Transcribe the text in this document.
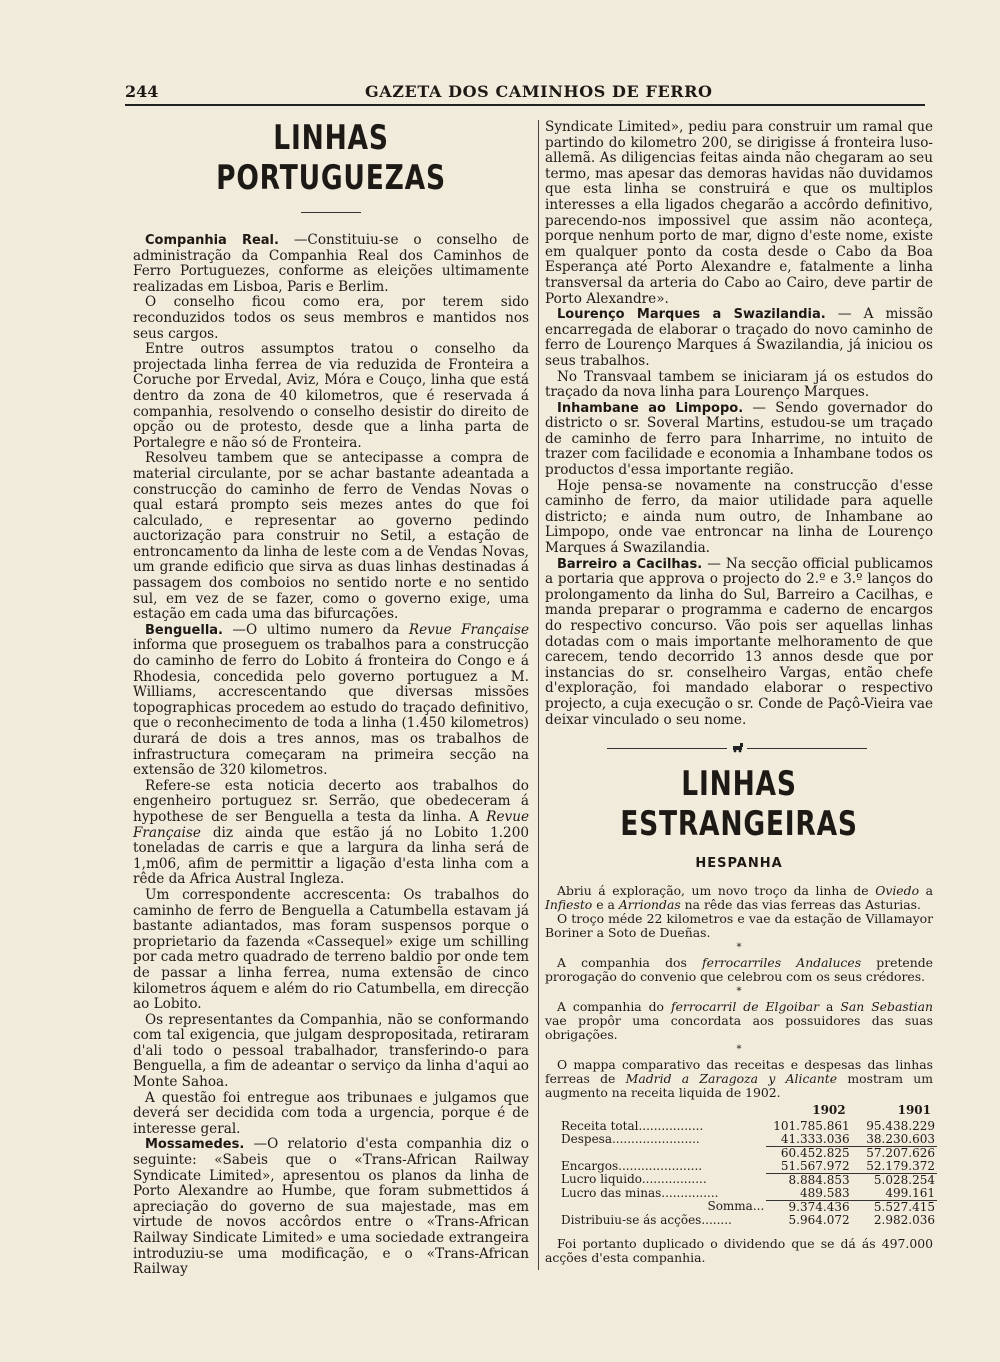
244	GAZETA DOS CAMINHOS DE FERRO
LINHAS PORTUGUEZAS

Companhia Real. —Constituiu-se o conselho de administração da Companhia Real dos Caminhos de Ferro Portuguezes, conforme as eleições ultimamente realizadas em Lisboa, Paris e Berlim.

O conselho ficou como era, por terem sido reconduzidos todos os seus membros e mantidos nos seus cargos.

Entre outros assumptos tratou o conselho da projectada linha ferrea de via reduzida de Fronteira a Coruche por Ervedal, Aviz, Móra e Couço, linha que está dentro da zona de 40 kilometros, que é reservada á companhia, resolvendo o conselho desistir do direito de opção ou de protesto, desde que a linha parta de Portalegre e não só de Fronteira.

Resolveu tambem que se antecipasse a compra de material circulante, por se achar bastante adeantada a construcção do caminho de ferro de Vendas Novas o qual estará prompto seis mezes antes do que foi calculado, e representar ao governo pedindo auctorização para construir no Setil, a estação de entroncamento da linha de leste com a de Vendas Novas, um grande edificio que sirva as duas linhas destinadas á passagem dos comboios no sentido norte e no sentido sul, em vez de se fazer, como o governo exige, uma estação em cada uma das bifurcações.

Benguella. —O ultimo numero da Revue Française informa que proseguem os trabalhos para a construcção do caminho de ferro do Lobito á fronteira do Congo e á Rhodesia, concedida pelo governo portuguez a M. Williams, accrescentando que diversas missões topographicas procedem ao estudo do traçado definitivo, que o reconhecimento de toda a linha (1.450 kilometros) durará de dois a tres annos, mas os trabalhos de infrastructura começaram na primeira secção na extensão de 320 kilometros.

Refere-se esta noticia decerto aos trabalhos do engenheiro portuguez sr. Serrão, que obedeceram á hypothese de ser Benguella a testa da linha. A Revue Française diz ainda que estão já no Lobito 1.200 toneladas de carris e que a largura da linha será de 1,m06, afim de permittir a ligação d'esta linha com a rêde da Africa Austral Ingleza.

Um correspondente accrescenta: Os trabalhos do caminho de ferro de Benguella a Catumbella estavam já bastante adiantados, mas foram suspensos porque o proprietario da fazenda «Cassequel» exige um schilling por cada metro quadrado de terreno baldio por onde tem de passar a linha ferrea, numa extensão de cinco kilometros áquem e além do rio Catumbella, em direcção ao Lobito.

Os representantes da Companhia, não se conformando com tal exigencia, que julgam despropositada, retiraram d'ali todo o pessoal trabalhador, transferindo-o para Benguella, a fim de adeantar o serviço da linha d'aqui ao Monte Sahoa.

A questão foi entregue aos tribunaes e julgamos que deverá ser decidida com toda a urgencia, porque é de interesse geral.

Mossamedes. —O relatorio d'esta companhia diz o seguinte: «Sabeis que o «Trans-African Railway Syndicate Limited», apresentou os planos da linha de Porto Alexandre ao Humbe, que foram submettidos á apreciação do governo de sua majestade, mas em virtude de novos accôrdos entre o «Trans-African Railway Sindicate Limited» e uma sociedade extrangeira introduziu-se uma modificação, e o «Trans-African Railway

Syndicate Limited», pediu para construir um ramal que partindo do kilometro 200, se dirigisse á fronteira luso-allemã. As diligencias feitas ainda não chegaram ao seu termo, mas apesar das demoras havidas não duvidamos que esta linha se construirá e que os multiplos interesses a ella ligados chegarão a accôrdo definitivo, parecendo-nos impossivel que assim não aconteça, porque nenhum porto de mar, digno d'este nome, existe em qualquer ponto da costa desde o Cabo da Boa Esperança até Porto Alexandre e, fatalmente a linha transversal da arteria do Cabo ao Cairo, deve partir de Porto Alexandre».

Lourenço Marques a Swazilandia. — A missão encarregada de elaborar o traçado do novo caminho de ferro de Lourenço Marques á Swazilandia, já iniciou os seus trabalhos.

No Transvaal tambem se iniciaram já os estudos do traçado da nova linha para Lourenço Marques.

Inhambane ao Limpopo. — Sendo governador do districto o sr. Soveral Martins, estudou-se um traçado de caminho de ferro para Inharrime, no intuito de trazer com facilidade e economia a Inhambane todos os productos d'essa importante região.

Hoje pensa-se novamente na construcção d'esse caminho de ferro, da maior utilidade para aquelle districto; e ainda num outro, de Inhambane ao Limpopo, onde vae entroncar na linha de Lourenço Marques á Swazilandia.

Barreiro a Cacilhas. — Na secção official publicamos a portaria que approva o projecto do 2.º e 3.º lanços do prolongamento da linha do Sul, Barreiro a Cacilhas, e manda preparar o programma e caderno de encargos do respectivo concurso. Vão pois ser aquellas linhas dotadas com o mais importante melhoramento de que carecem, tendo decorrido 13 annos desde que por instancias do sr. conselheiro Vargas, então chefe d'exploração, foi mandado elaborar o respectivo projecto, a cuja execução o sr. Conde de Paçô-Vieira vae deixar vinculado o seu nome.

LINHAS ESTRANGEIRAS
HESPANHA

Abriu á exploração, um novo troço da linha de Oviedo a Infiesto e a Arriondas na rêde das vias ferreas das Asturias.

O troço méde 22 kilometros e vae da estação de Villamayor Boriner a Soto de Dueñas.

*

A companhia dos ferrocarriles Andaluces pretende prorogação do convenio que celebrou com os seus crédores.

*

A companhia do ferrocarril de Elgoibar a San Sebastian vae propôr uma concordata aos possuidores das suas obrigações.

*

O mappa comparativo das receitas e despesas das linhas ferreas de Madrid a Zaragoza y Alicante mostram um augmento na receita liquida de 1902.

	1902	1901
Receita total.................	101.785.861	95.438.229
Despesa.......................	41.333.036	38.230.603
	60.452.825	57.207.626
Encargos......................	51.567.972	52.179.372
Lucro liquido.................	8.884.853	5.028.254
Lucro das minas...............	489.583	499.161
Somma...	9.374.436	5.527.415
Distribuiu-se ás acções........	5.964.072	2.982.036

Foi portanto duplicado o dividendo que se dá ás 497.000 acções d'esta companhia.
